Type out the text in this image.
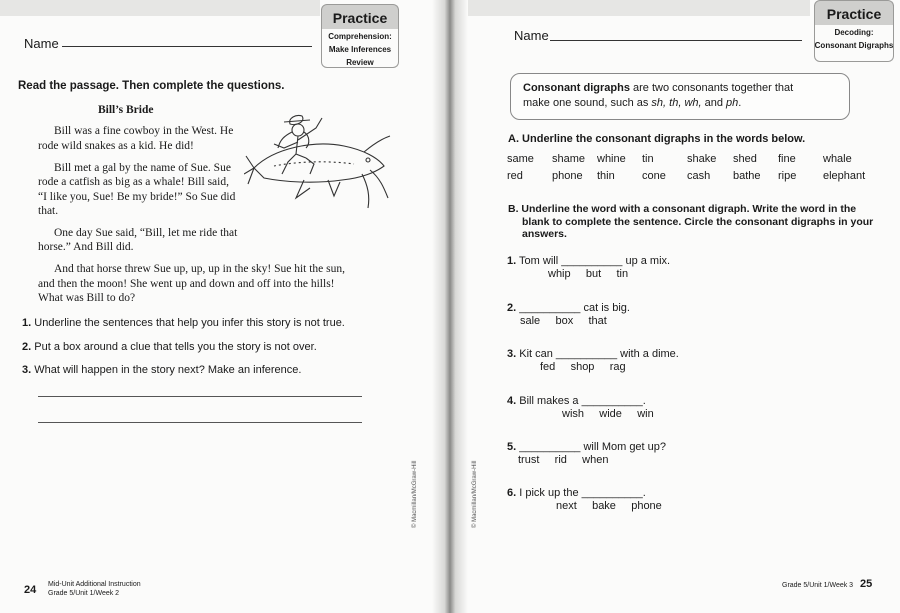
Name
Practice
Comprehension:
Make Inferences
Review
Read the passage. Then complete the questions.
Bill’s Bride
Bill was a fine cowboy in the West. He
rode wild snakes as a kid. He did!
Bill met a gal by the name of Sue. Sue
rode a catfish as big as a whale! Bill said,
“I like you, Sue! Be my bride!” So Sue did
that.
One day Sue said, “Bill, let me ride that
horse.” And Bill did.
And that horse threw Sue up, up, up in the sky! Sue hit the sun,
and then the moon! She went up and down and off into the hills!
What was Bill to do?
1. Underline the sentences that help you infer this story is not true.
2. Put a box around a clue that tells you the story is not over.
3. What will happen in the story next? Make an inference.
© Macmillan/McGraw-Hill
Mid-Unit Additional Instruction
Grade 5/Unit 1/Week 2
24
Name
Practice
Decoding:
Consonant Digraphs
Consonant digraphs are two consonants together that
make one sound, such as sh, th, wh, and ph.
A. Underline the consonant digraphs in the words below.
same shame whine tin	shake shed fine whale
red	phone thin cone cash bathe ripe elephant
B. Underline the word with a consonant digraph. Write the word in the
blank to complete the sentence. Circle the consonant digraphs in your
answers.
1. Tom will __________ up a mix.
whip     but     tin
2. __________ cat is big.
sale     box     that
3. Kit can __________ with a dime.
fed     shop     rag
4. Bill makes a __________.
wish     wide     win
5. __________ will Mom get up?
trust     rid     when
6. I pick up the __________.
next     bake     phone
© Macmillan/McGraw-Hill
Grade 5/Unit 1/Week 3 25
